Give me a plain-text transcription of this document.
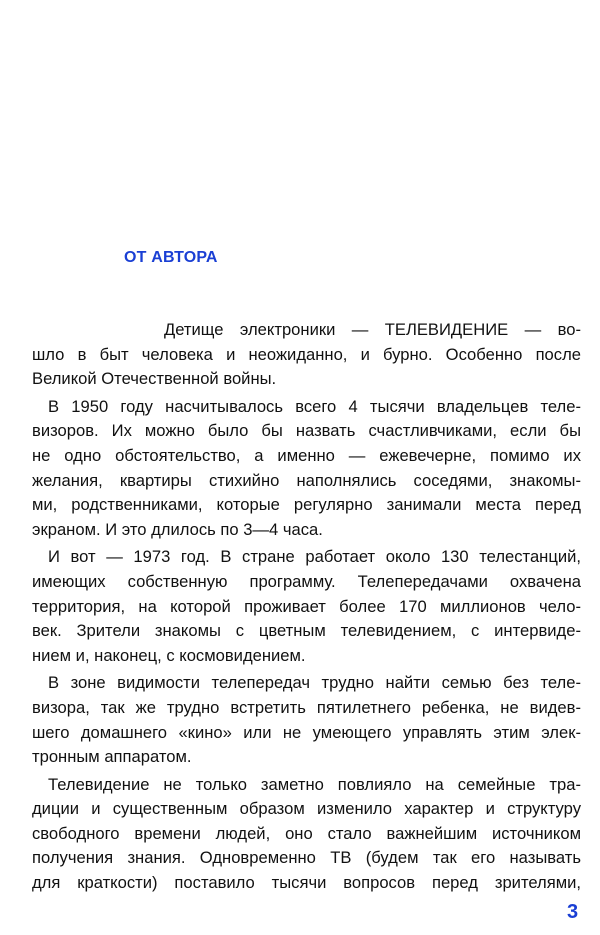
ОТ АВТОРА
Детище электроники — ТЕЛЕВИДЕНИЕ — во-
шло в быт человека и неожиданно, и бурно. Особенно после
Великой Отечественной войны.
В 1950 году насчитывалось всего 4 тысячи владельцев теле-
визоров. Их можно было бы назвать счастливчиками, если бы
не одно обстоятельство, а именно — ежевечерне, помимо их
желания, квартиры стихийно наполнялись соседями, знакомы-
ми, родственниками, которые регулярно занимали места перед
экраном. И это длилось по 3—4 часа.
И вот — 1973 год. В стране работает около 130 телестанций,
имеющих собственную программу. Телепередачами охвачена
территория, на которой проживает более 170 миллионов чело-
век. Зрители знакомы с цветным телевидением, с интервиде-
нием и, наконец, с космовидением.
В зоне видимости телепередач трудно найти семью без теле-
визора, так же трудно встретить пятилетнего ребенка, не видев-
шего домашнего «кино» или не умеющего управлять этим элек-
тронным аппаратом.
Телевидение не только заметно повлияло на семейные тра-
диции и существенным образом изменило характер и структуру
свободного времени людей, оно стало важнейшим источником
получения знания. Одновременно ТВ (будем так его называть
для краткости) поставило тысячи вопросов перед зрителями,
3
